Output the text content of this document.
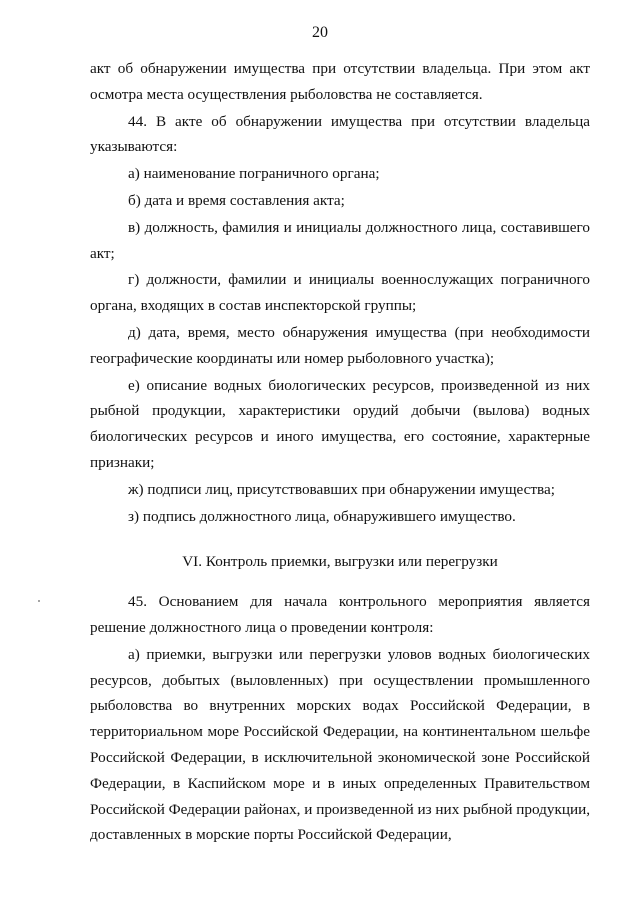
20

акт об обнаружении имущества при отсутствии владельца. При этом акт осмотра места осуществления рыболовства не составляется.

44. В акте об обнаружении имущества при отсутствии владельца указываются:

а) наименование пограничного органа;

б) дата и время составления акта;

в) должность, фамилия и инициалы должностного лица, составившего акт;

г) должности, фамилии и инициалы военнослужащих пограничного органа, входящих в состав инспекторской группы;

д) дата, время, место обнаружения имущества (при необходимости географические координаты или номер рыболовного участка);

е) описание водных биологических ресурсов, произведенной из них рыбной продукции, характеристики орудий добычи (вылова) водных биологических ресурсов и иного имущества, его состояние, характерные признаки;

ж) подписи лиц, присутствовавших при обнаружении имущества;

з) подпись должностного лица, обнаружившего имущество.

VI. Контроль приемки, выгрузки или перегрузки

45. Основанием для начала контрольного мероприятия является решение должностного лица о проведении контроля:

а) приемки, выгрузки или перегрузки уловов водных биологических ресурсов, добытых (выловленных) при осуществлении промышленного рыболовства во внутренних морских водах Российской Федерации, в территориальном море Российской Федерации, на континентальном шельфе Российской Федерации, в исключительной экономической зоне Российской Федерации, в Каспийском море и в иных определенных Правительством Российской Федерации районах, и произведенной из них рыбной продукции, доставленных в морские порты Российской Федерации,
